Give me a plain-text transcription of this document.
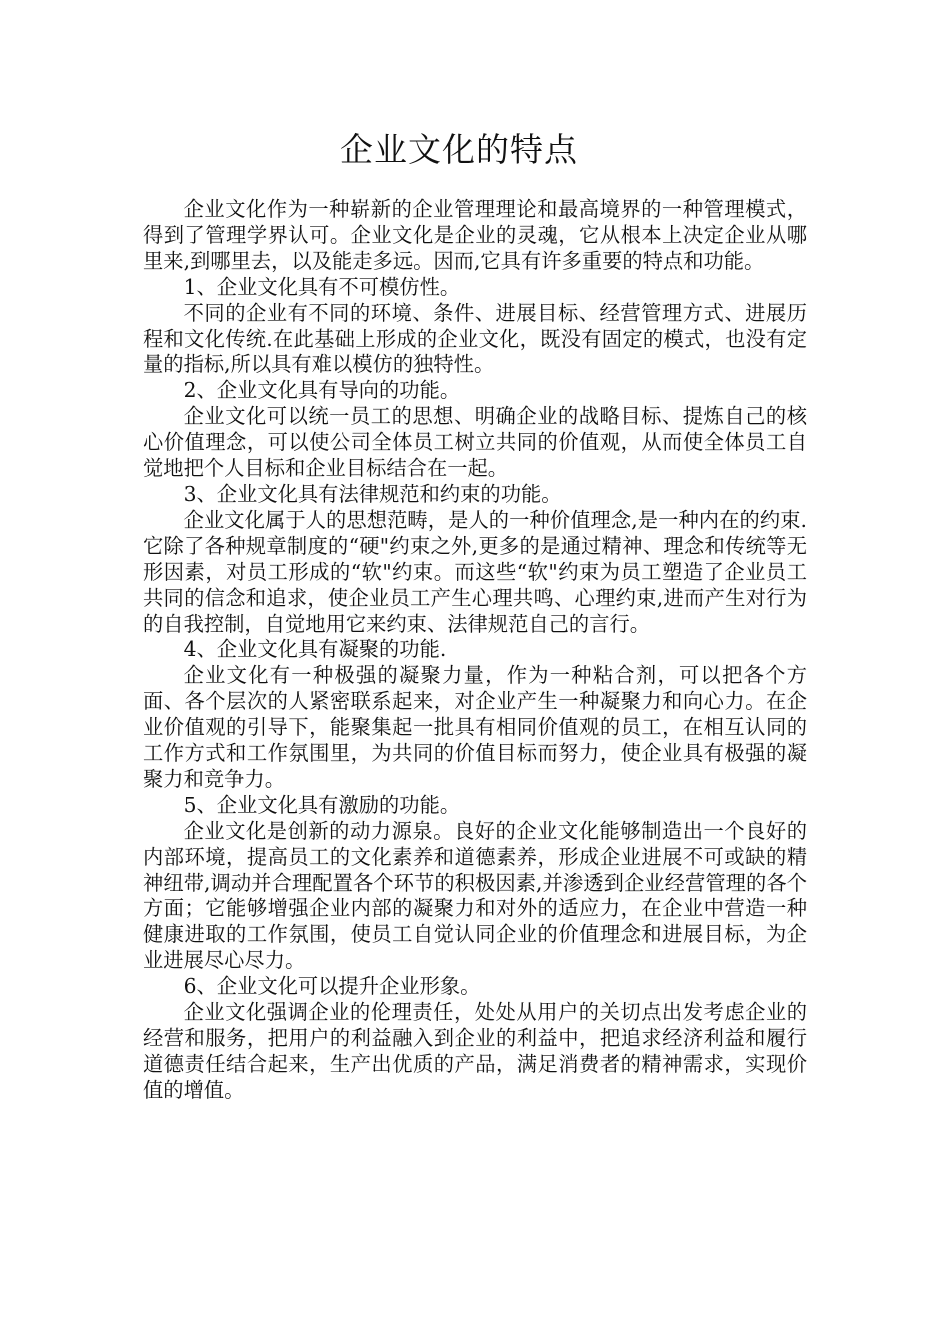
企业文化的特点

企业文化作为一种崭新的企业管理理论和最高境界的一种管理模式，得到了管理学界认可。企业文化是企业的灵魂，它从根本上决定企业从哪里来,到哪里去，以及能走多远。因而,它具有许多重要的特点和功能。

1、企业文化具有不可模仿性。

不同的企业有不同的环境、条件、进展目标、经营管理方式、进展历程和文化传统.在此基础上形成的企业文化，既没有固定的模式，也没有定量的指标,所以具有难以模仿的独特性。

2、企业文化具有导向的功能。

企业文化可以统一员工的思想、明确企业的战略目标、提炼自己的核心价值理念，可以使公司全体员工树立共同的价值观，从而使全体员工自觉地把个人目标和企业目标结合在一起。

3、企业文化具有法律规范和约束的功能。

企业文化属于人的思想范畴，是人的一种价值理念,是一种内在的约束.它除了各种规章制度的“硬"约束之外,更多的是通过精神、理念和传统等无形因素，对员工形成的“软"约束。而这些“软"约束为员工塑造了企业员工共同的信念和追求，使企业员工产生心理共鸣、心理约束,进而产生对行为的自我控制，自觉地用它来约束、法律规范自己的言行。

4、企业文化具有凝聚的功能.

企业文化有一种极强的凝聚力量，作为一种粘合剂，可以把各个方面、各个层次的人紧密联系起来，对企业产生一种凝聚力和向心力。在企业价值观的引导下，能聚集起一批具有相同价值观的员工，在相互认同的工作方式和工作氛围里，为共同的价值目标而努力，使企业具有极强的凝聚力和竞争力。

5、企业文化具有激励的功能。

企业文化是创新的动力源泉。良好的企业文化能够制造出一个良好的内部环境，提高员工的文化素养和道德素养，形成企业进展不可或缺的精神纽带,调动并合理配置各个环节的积极因素,并渗透到企业经营管理的各个方面；它能够增强企业内部的凝聚力和对外的适应力，在企业中营造一种健康进取的工作氛围，使员工自觉认同企业的价值理念和进展目标，为企业进展尽心尽力。

6、企业文化可以提升企业形象。

企业文化强调企业的伦理责任，处处从用户的关切点出发考虑企业的经营和服务，把用户的利益融入到企业的利益中，把追求经济利益和履行道德责任结合起来，生产出优质的产品，满足消费者的精神需求，实现价值的增值。
